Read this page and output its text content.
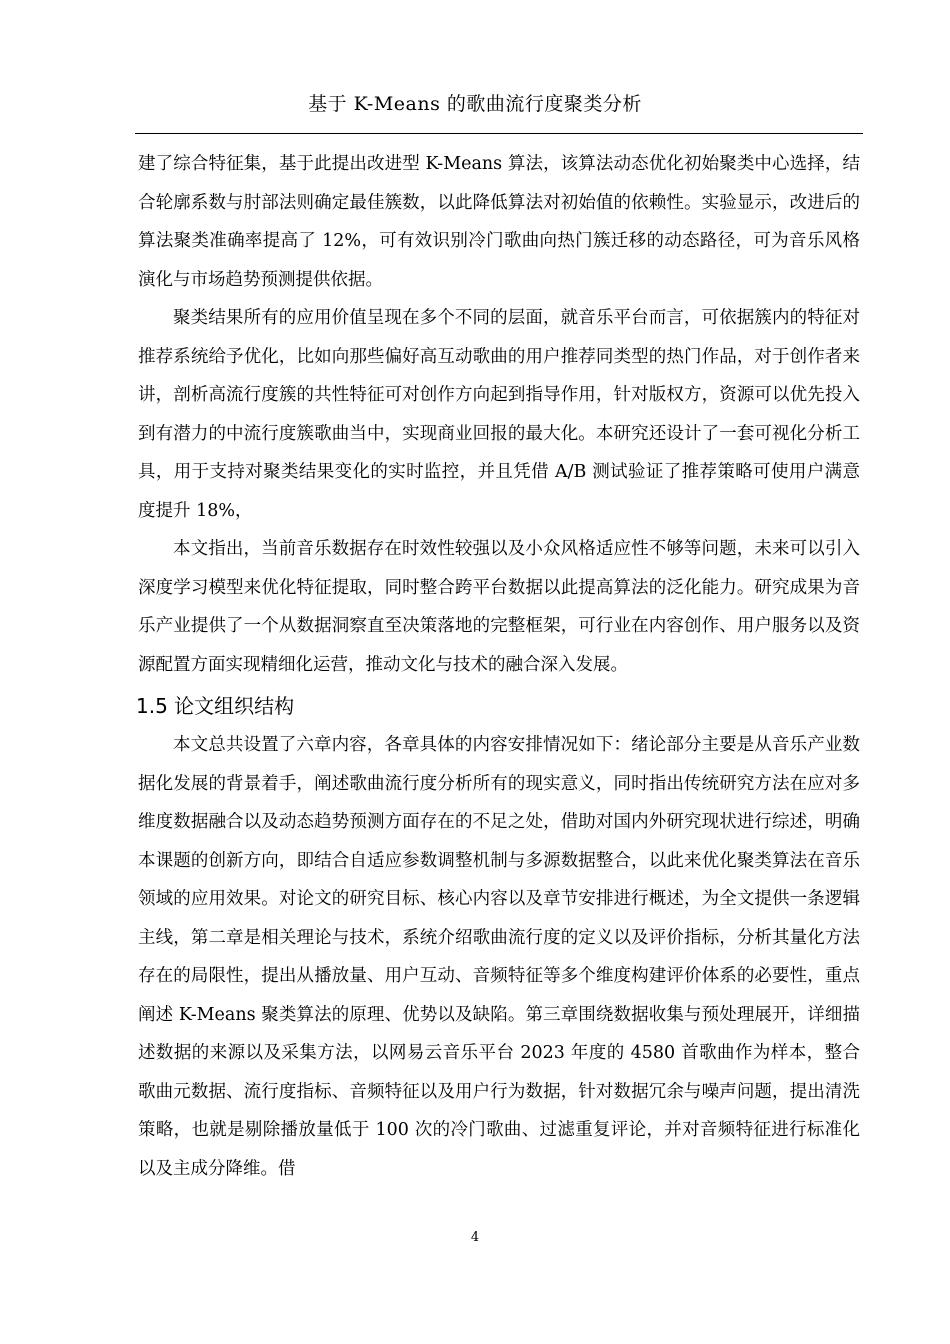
基于 K-Means 的歌曲流行度聚类分析

建了综合特征集，基于此提出改进型 K-Means 算法，该算法动态优化初始聚类中心选择，结合轮廓系数与肘部法则确定最佳簇数，以此降低算法对初始值的依赖性。实验显示，改进后的算法聚类准确率提高了 12%，可有效识别冷门歌曲向热门簇迁移的动态路径，可为音乐风格演化与市场趋势预测提供依据。

聚类结果所有的应用价值呈现在多个不同的层面，就音乐平台而言，可依据簇内的特征对推荐系统给予优化，比如向那些偏好高互动歌曲的用户推荐同类型的热门作品，对于创作者来讲，剖析高流行度簇的共性特征可对创作方向起到指导作用，针对版权方，资源可以优先投入到有潜力的中流行度簇歌曲当中，实现商业回报的最大化。本研究还设计了一套可视化分析工具，用于支持对聚类结果变化的实时监控，并且凭借 A/B 测试验证了推荐策略可使用户满意度提升 18%，

本文指出，当前音乐数据存在时效性较强以及小众风格适应性不够等问题，未来可以引入深度学习模型来优化特征提取，同时整合跨平台数据以此提高算法的泛化能力。研究成果为音乐产业提供了一个从数据洞察直至决策落地的完整框架，可行业在内容创作、用户服务以及资源配置方面实现精细化运营，推动文化与技术的融合深入发展。

1.5 论文组织结构

本文总共设置了六章内容，各章具体的内容安排情况如下：绪论部分主要是从音乐产业数据化发展的背景着手，阐述歌曲流行度分析所有的现实意义，同时指出传统研究方法在应对多维度数据融合以及动态趋势预测方面存在的不足之处，借助对国内外研究现状进行综述，明确本课题的创新方向，即结合自适应参数调整机制与多源数据整合，以此来优化聚类算法在音乐领域的应用效果。对论文的研究目标、核心内容以及章节安排进行概述，为全文提供一条逻辑主线，第二章是相关理论与技术，系统介绍歌曲流行度的定义以及评价指标，分析其量化方法存在的局限性，提出从播放量、用户互动、音频特征等多个维度构建评价体系的必要性，重点阐述 K-Means 聚类算法的原理、优势以及缺陷。第三章围绕数据收集与预处理展开，详细描述数据的来源以及采集方法，以网易云音乐平台 2023 年度的 4580 首歌曲作为样本，整合歌曲元数据、流行度指标、音频特征以及用户行为数据，针对数据冗余与噪声问题，提出清洗策略，也就是剔除播放量低于 100 次的冷门歌曲、过滤重复评论，并对音频特征进行标准化以及主成分降维。借

4
